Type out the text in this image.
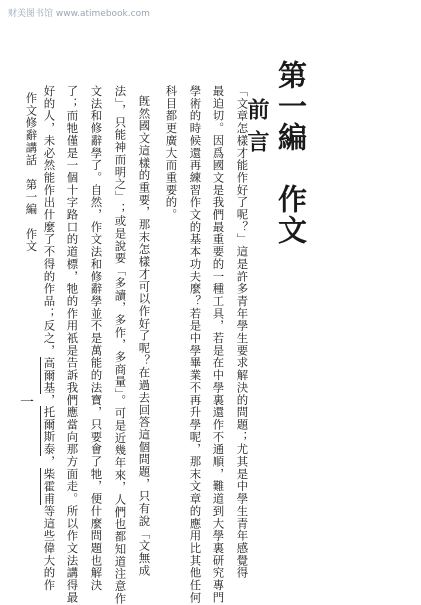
财美图书馆 www.atimebook.com
第一編　作文
前言
「文章怎樣才能作好了呢？」這是許多青年學生要求解決的問題；尤其是中學生青年感覺得
最迫切。因爲國文是我們最重要的一種工具，若是在中學裏還作不通順，難道到大學裏研究專門
學術的時候還再練習作文的基本功夫麼？若是中學畢業不再升學呢，那末文章的應用比其他任何
科目都更廣大而重要的。
旣然國文這樣的重要，那末怎樣才可以作好了呢？在過去回答這個問題，只有說「文無成
法」，只能神而明之」；或是說要「多讀，多作，多商量」。可是近幾年來，人們也都知道注意作
文法和修辭學了。自然，作文法和修辭學並不是萬能的法寶，只要會了牠，便什麼問題也解決
了；而牠僅是一個十字路口的道標，牠的作用祇是告訴我們應當向那方面走。所以作文法講得最
好的人，未必然能作出什麼了不得的作品；反之，高爾基，托爾斯泰，柴霍甫等這些偉大的作
作文修辭講話　第一編　作文
一
